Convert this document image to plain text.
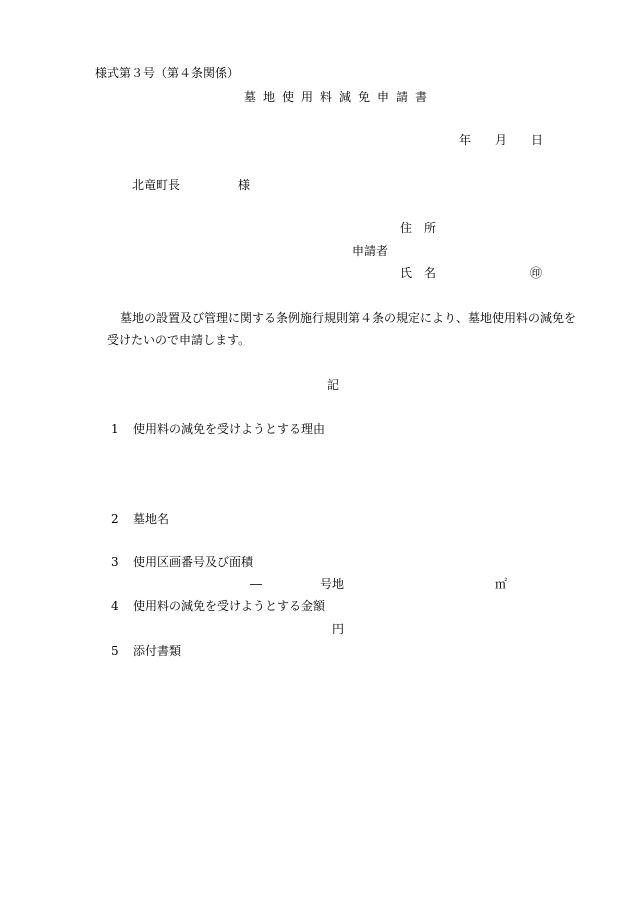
様式第３号（第４条関係）
墓 地 使 用 料 減 免 申 請 書
年 月 日
北竜町長	様
住 所
申請者
氏 名	㊞
墓地の設置及び管理に関する条例施行規則第４条の規定により、墓地使用料の減免を
受けたいので申請します。
記
1 使用料の減免を受けようとする理由
2 墓地名
3 使用区画番号及び面積
―	号地	㎡
4 使用料の減免を受けようとする金額
円
5 添付書類
